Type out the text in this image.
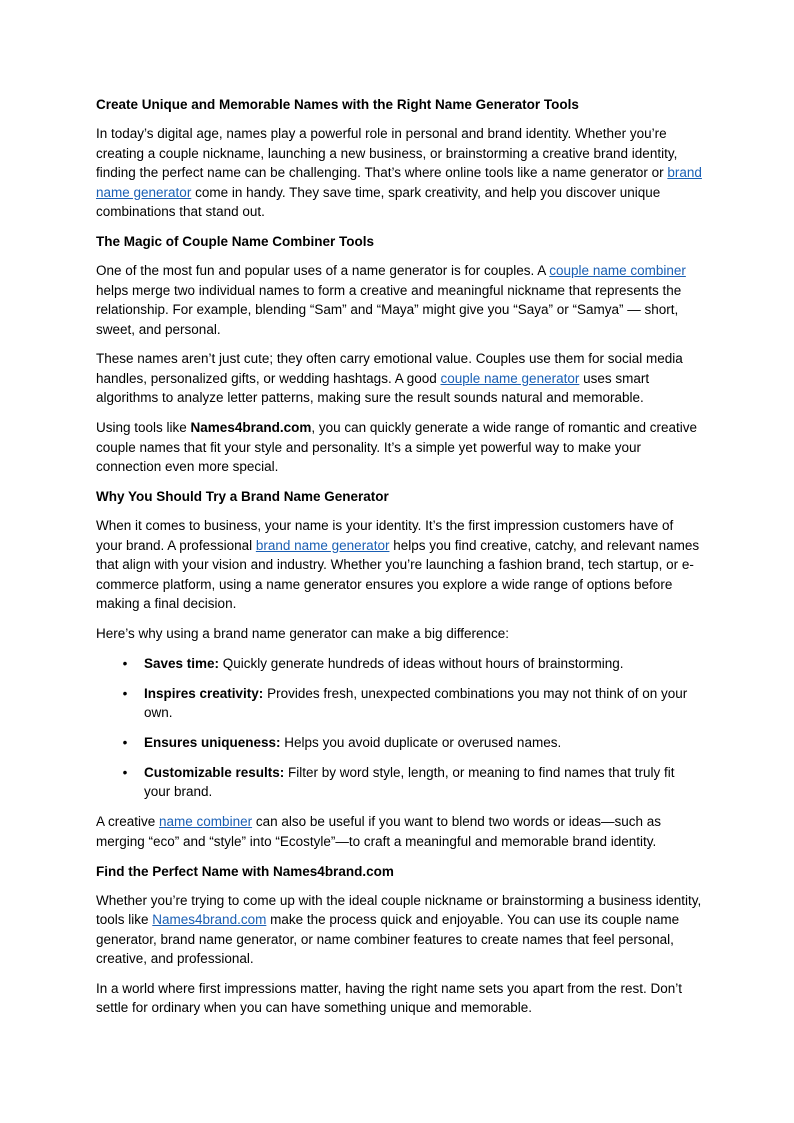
Create Unique and Memorable Names with the Right Name Generator Tools

In today’s digital age, names play a powerful role in personal and brand identity. Whether you’re creating a couple nickname, launching a new business, or brainstorming a creative brand identity, finding the perfect name can be challenging. That’s where online tools like a name generator or brand name generator come in handy. They save time, spark creativity, and help you discover unique combinations that stand out.

The Magic of Couple Name Combiner Tools

One of the most fun and popular uses of a name generator is for couples. A couple name combiner helps merge two individual names to form a creative and meaningful nickname that represents the relationship. For example, blending “Sam” and “Maya” might give you “Saya” or “Samya” — short, sweet, and personal.

These names aren’t just cute; they often carry emotional value. Couples use them for social media handles, personalized gifts, or wedding hashtags. A good couple name generator uses smart algorithms to analyze letter patterns, making sure the result sounds natural and memorable.

Using tools like Names4brand.com, you can quickly generate a wide range of romantic and creative couple names that fit your style and personality. It’s a simple yet powerful way to make your connection even more special.

Why You Should Try a Brand Name Generator

When it comes to business, your name is your identity. It’s the first impression customers have of your brand. A professional brand name generator helps you find creative, catchy, and relevant names that align with your vision and industry. Whether you’re launching a fashion brand, tech startup, or e-commerce platform, using a name generator ensures you explore a wide range of options before making a final decision.

Here’s why using a brand name generator can make a big difference:

• Saves time: Quickly generate hundreds of ideas without hours of brainstorming.
• Inspires creativity: Provides fresh, unexpected combinations you may not think of on your own.
• Ensures uniqueness: Helps you avoid duplicate or overused names.
• Customizable results: Filter by word style, length, or meaning to find names that truly fit your brand.

A creative name combiner can also be useful if you want to blend two words or ideas—such as merging “eco” and “style” into “Ecostyle”—to craft a meaningful and memorable brand identity.

Find the Perfect Name with Names4brand.com

Whether you’re trying to come up with the ideal couple nickname or brainstorming a business identity, tools like Names4brand.com make the process quick and enjoyable. You can use its couple name generator, brand name generator, or name combiner features to create names that feel personal, creative, and professional.

In a world where first impressions matter, having the right name sets you apart from the rest. Don’t settle for ordinary when you can have something unique and memorable.
